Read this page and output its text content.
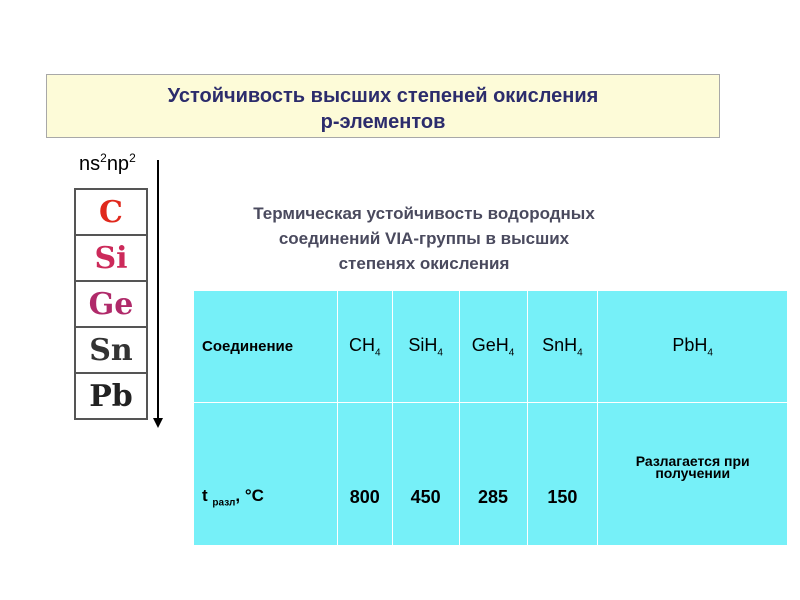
Устойчивость высших степеней окисления
p-элементов
$ns^2np^2$
C
Si
Ge
Sn
Pb
Термическая устойчивость водородных
соединений VIA-группы в высших
степенях окисления
Соединение	$CH_4$	SiH$_4$	GeH$_4$	SnH$_4$	PbH$_4$
t $_{разл}$, °C	800	450	285	150	Разлагается при получении
